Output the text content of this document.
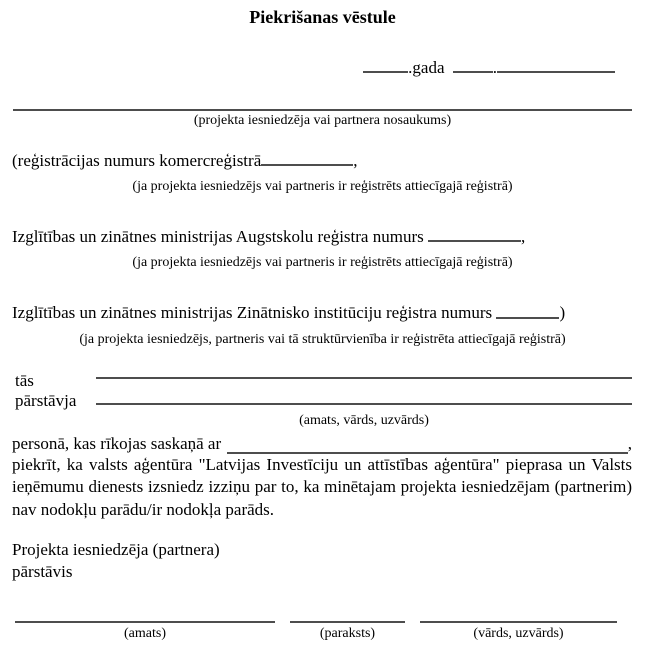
Piekrišanas vēstule
.gada	.
(projekta iesniedzēja vai partnera nosaukums)
(reģistrācijas numurs komercreģistrā	,
(ja projekta iesniedzējs vai partneris ir reģistrēts attiecīgajā reģistrā)
Izglītības un zinātnes ministrijas Augstskolu reģistra numurs	,
(ja projekta iesniedzējs vai partneris ir reģistrēts attiecīgajā reģistrā)
Izglītības un zinātnes ministrijas Zinātnisko institūciju reģistra numurs	)
(ja projekta iesniedzējs, partneris vai tā struktūrvienība ir reģistrēta attiecīgajā reģistrā)
tās pārstāvja
(amats, vārds, uzvārds)
personā, kas rīkojas saskaņā ar	,
piekrīt, ka valsts aģentūra "Latvijas Investīciju un attīstības aģentūra" pieprasa un Valsts ieņēmumu dienests izsniedz izziņu par to, ka minētajam projekta iesniedzējam (partnerim) nav nodokļu parādu/ir nodokļa parāds.
Projekta iesniedzēja (partnera)
pārstāvis
(amats)	(paraksts)	(vārds, uzvārds)
